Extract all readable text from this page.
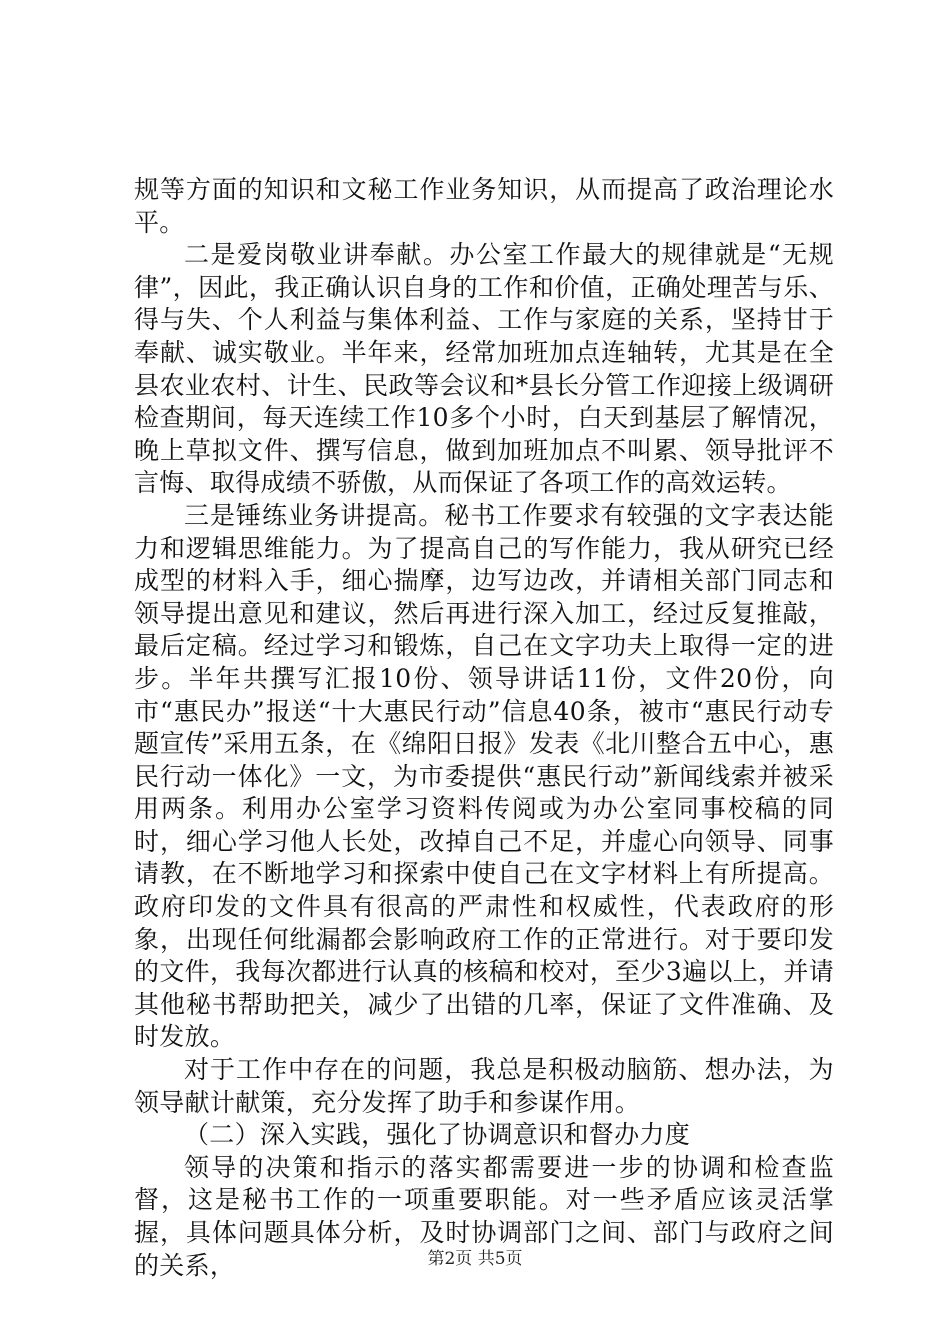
规等方面的知识和文秘工作业务知识，从而提高了政治理论水平。

二是爱岗敬业讲奉献。办公室工作最大的规律就是“无规律”，因此，我正确认识自身的工作和价值，正确处理苦与乐、得与失、个人利益与集体利益、工作与家庭的关系，坚持甘于奉献、诚实敬业。半年来，经常加班加点连轴转，尤其是在全县农业农村、计生、民政等会议和*县长分管工作迎接上级调研检查期间，每天连续工作10多个小时，白天到基层了解情况，晚上草拟文件、撰写信息，做到加班加点不叫累、领导批评不言悔、取得成绩不骄傲，从而保证了各项工作的高效运转。

三是锤练业务讲提高。秘书工作要求有较强的文字表达能力和逻辑思维能力。为了提高自己的写作能力，我从研究已经成型的材料入手，细心揣摩，边写边改，并请相关部门同志和领导提出意见和建议，然后再进行深入加工，经过反复推敲，最后定稿。经过学习和锻炼，自己在文字功夫上取得一定的进步。半年共撰写汇报10份、领导讲话11份，文件20份，向市“惠民办”报送“十大惠民行动”信息40条，被市“惠民行动专题宣传”采用五条，在《绵阳日报》发表《北川整合五中心，惠民行动一体化》一文，为市委提供“惠民行动”新闻线索并被采用两条。利用办公室学习资料传阅或为办公室同事校稿的同时，细心学习他人长处，改掉自己不足，并虚心向领导、同事请教，在不断地学习和探索中使自己在文字材料上有所提高。政府印发的文件具有很高的严肃性和权威性，代表政府的形象，出现任何纰漏都会影响政府工作的正常进行。对于要印发的文件，我每次都进行认真的核稿和校对，至少3遍以上，并请其他秘书帮助把关，减少了出错的几率，保证了文件准确、及时发放。

对于工作中存在的问题，我总是积极动脑筋、想办法，为领导献计献策，充分发挥了助手和参谋作用。

（二）深入实践，强化了协调意识和督办力度

领导的决策和指示的落实都需要进一步的协调和检查监督，这是秘书工作的一项重要职能。对一些矛盾应该灵活掌握，具体问题具体分析，及时协调部门之间、部门与政府之间的关系，	第2页 共5页
